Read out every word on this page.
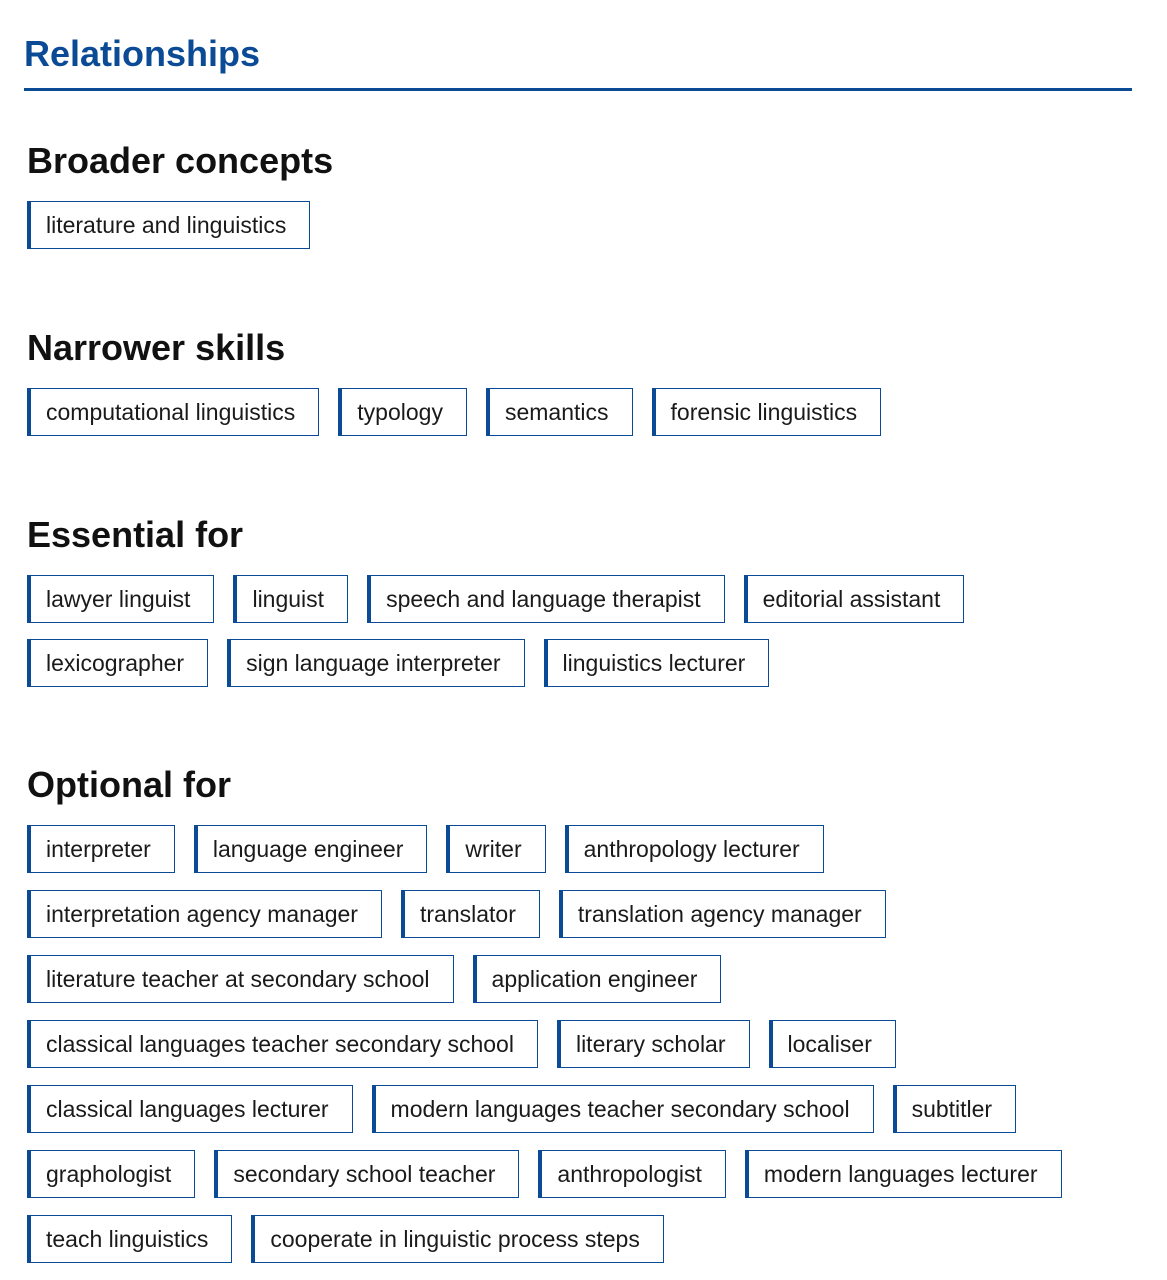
Relationships
Broader concepts
literature and linguistics
Narrower skills
computational linguistics	typology	semantics	forensic linguistics
Essential for
lawyer linguist	linguist	speech and language therapist	editorial assistant
lexicographer	sign language interpreter	linguistics lecturer
Optional for
interpreter	language engineer	writer	anthropology lecturer
interpretation agency manager	translator	translation agency manager
literature teacher at secondary school	application engineer
classical languages teacher secondary school	literary scholar	localiser
classical languages lecturer	modern languages teacher secondary school	subtitler
graphologist	secondary school teacher	anthropologist	modern languages lecturer
teach linguistics	cooperate in linguistic process steps
